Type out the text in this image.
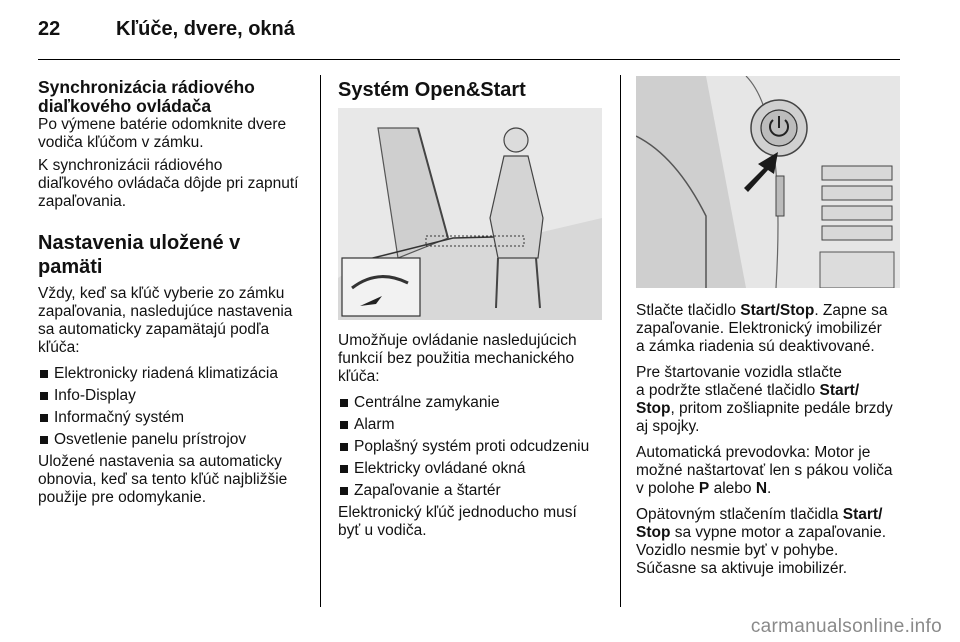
22	Kľúče, dvere, okná
Synchronizácia rádiového
diaľkového ovládača

Po výmene batérie odomknite dvere
vodiča kľúčom v zámku.

K synchronizácii rádiového
diaľkového ovládača dôjde pri zapnutí
zapaľovania.

Nastavenia uložené v pamäti

Vždy, keď sa kľúč vyberie zo zámku
zapaľovania, nasledujúce nastavenia
sa automaticky zapamätajú podľa
kľúča:

Elektronicky riadená klimatizácia
Info-Display
Informačný systém
Osvetlenie panelu prístrojov

Uložené nastavenia sa automaticky
obnovia, keď sa tento kľúč najbližšie
použije pre odomykanie.

Systém Open&Start

Umožňuje ovládanie nasledujúcich
funkcií bez použitia mechanického
kľúča:

Centrálne zamykanie
Alarm
Poplašný systém proti odcudzeniu
Elektricky ovládané okná
Zapaľovanie a štartér

Elektronický kľúč jednoducho musí
byť u vodiča.

Stlačte tlačidlo Start/Stop. Zapne sa
zapaľovanie. Elektronický imobilizér
a zámka riadenia sú deaktivované.

Pre štartovanie vozidla stlačte
a podržte stlačené tlačidlo Start/
Stop, pritom zošliapnite pedále brzdy
aj spojky.

Automatická prevodovka: Motor je
možné naštartovať len s pákou voliča
v polohe P alebo N.

Opätovným stlačením tlačidla Start/
Stop sa vypne motor a zapaľovanie.
Vozidlo nesmie byť v pohybe.
Súčasne sa aktivuje imobilizér.

carmanualsonline.info
